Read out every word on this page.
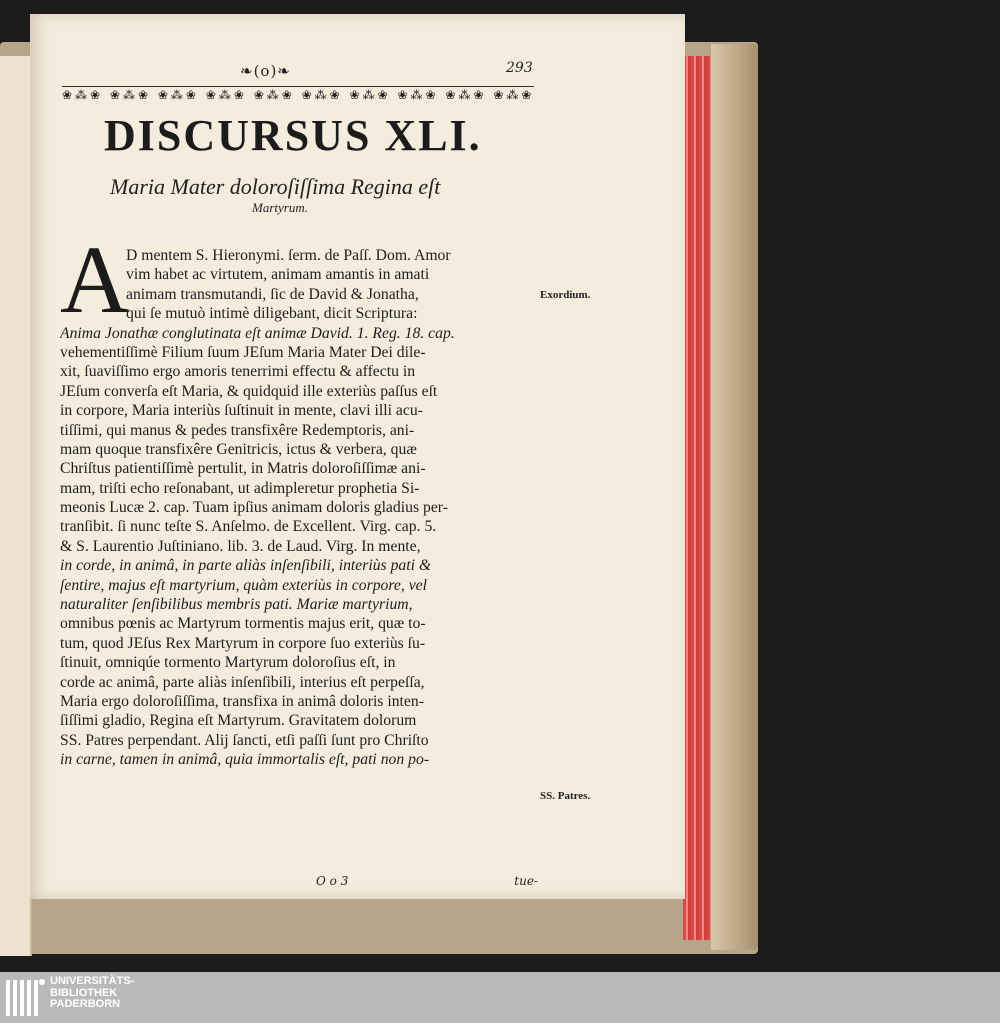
❧(o)❧	293
❀⁂❀ ❀⁂❀ ❀⁂❀ ❀⁂❀ ❀⁂❀ ❀⁂❀ ❀⁂❀ ❀⁂❀ ❀⁂❀ ❀⁂❀
DISCURSUS XLI.
Maria Mater doloroſiſſima Regina eſt
Martyrum.
A
D mentem S. Hieronymi. ſerm. de Paſſ. Dom. Amor
vim habet ac virtutem, animam amantis in amati
animam transmutandi, ſic de David & Jonatha,
qui ſe mutuò intimè diligebant, dicit Scriptura:
Anima Jonathæ conglutinata eſt animæ David. 1. Reg. 18. cap.
vehementiſſimè Filium ſuum JEſum Maria Mater Dei dile-
xit, ſuaviſſimo ergo amoris tenerrimi effectu & affectu in
JEſum converſa eſt Maria, & quidquid ille exteriùs paſſus eſt
in corpore, Maria interiùs ſuſtinuit in mente, clavi illi acu-
tiſſimi, qui manus & pedes transfixêre Redemptoris, ani-
mam quoque transfixêre Genitricis, ictus & verbera, quæ
Chriſtus patientiſſimè pertulit, in Matris doloroſiſſimæ ani-
mam, triſti echo reſonabant, ut adimpleretur prophetia Si-
meonis Lucæ 2. cap. Tuam ipſius animam doloris gladius per-
tranſibit. ſi nunc teſte S. Anſelmo. de Excellent. Virg. cap. 5.
& S. Laurentio Juſtiniano. lib. 3. de Laud. Virg. In mente,
in corde, in animâ, in parte aliàs inſenſibili, interiùs pati &
ſentire, majus eſt martyrium, quàm exteriùs in corpore, vel
naturaliter ſenſibilibus membris pati. Mariæ martyrium,
omnibus pœnis ac Martyrum tormentis majus erit, quæ to-
tum, quod JEſus Rex Martyrum in corpore ſuo exteriùs ſu-
ſtinuit, omniqúe tormento Martyrum doloroſius eſt, in
corde ac animâ, parte aliàs inſenſibili, interius eſt perpeſſa,
Maria ergo doloroſiſſima, transfixa in animâ doloris inten-
ſiſſimi gladio, Regina eſt Martyrum. Gravitatem dolorum
SS. Patres perpendant. Alij ſancti, etſi paſſi ſunt pro Chriſto
in carne, tamen in animâ, quia immortalis eſt, pati non po-
Exordium.
SS. Patres.
O o 3	tue-
UNIVERSITÄTS-
BIBLIOTHEK
PADERBORN
